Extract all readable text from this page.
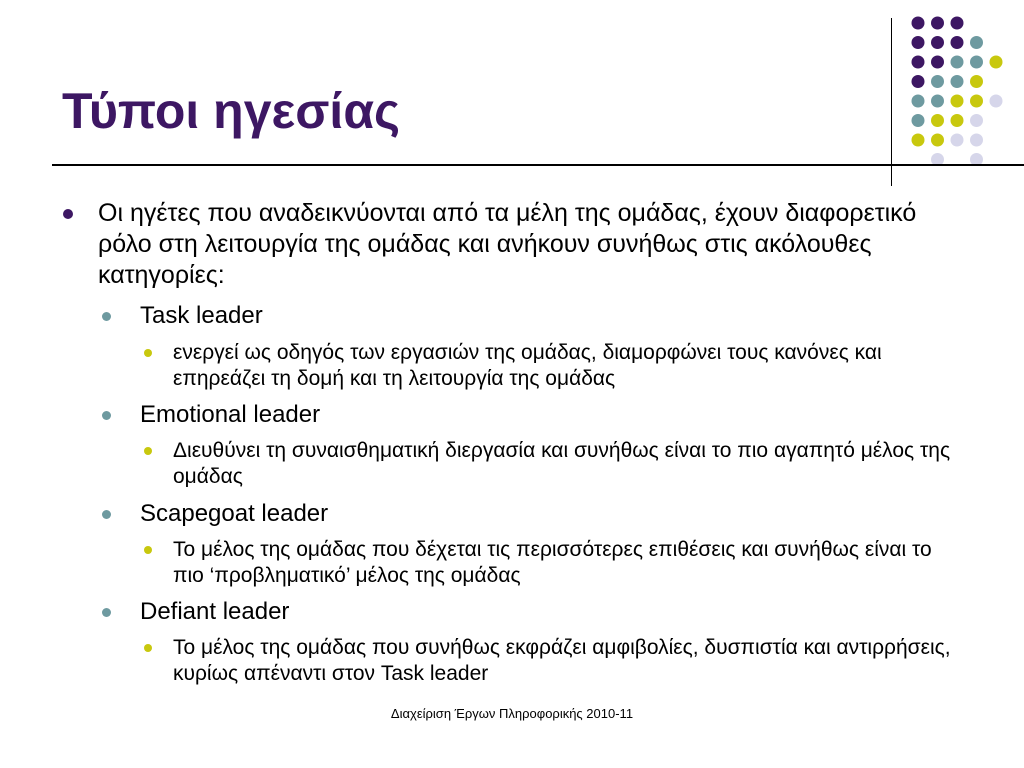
Τύποι ηγεσίας

Οι ηγέτες που αναδεικνύονται από τα μέλη της ομάδας, έχουν διαφορετικό ρόλο στη λειτουργία της ομάδας και ανήκουν συνήθως στις ακόλουθες κατηγορίες:

Task leader

ενεργεί ως οδηγός των εργασιών της ομάδας, διαμορφώνει τους κανόνες και επηρεάζει τη δομή και τη λειτουργία της ομάδας

Emotional leader

Διευθύνει τη συναισθηματική διεργασία και συνήθως είναι το πιο αγαπητό μέλος της ομάδας

Scapegoat leader

Το μέλος της ομάδας που δέχεται τις περισσότερες επιθέσεις και συνήθως είναι το πιο ‘προβληματικό’ μέλος της ομάδας

Defiant leader

Το μέλος της ομάδας που συνήθως εκφράζει αμφιβολίες, δυσπιστία και αντιρρήσεις, κυρίως απέναντι στον Task leader

Διαχείριση Έργων Πληροφορικής 2010-11
